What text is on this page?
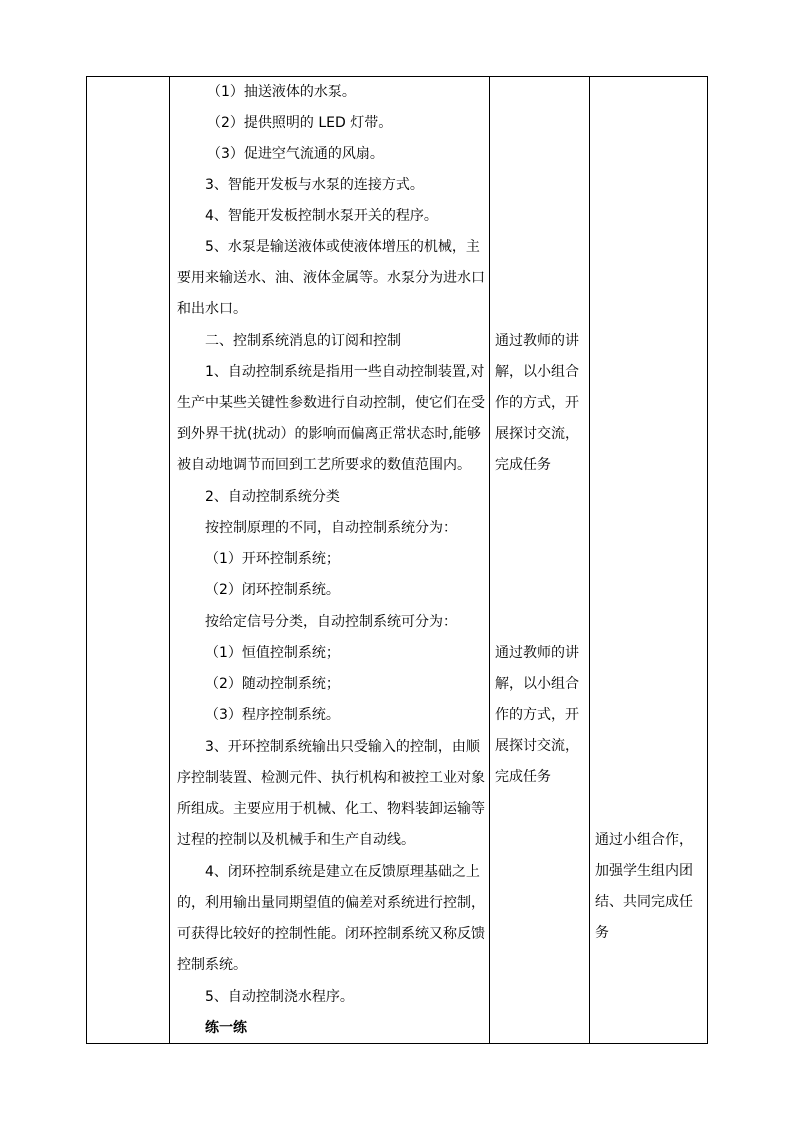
（1）抽送液体的水泵。
（2）提供照明的 LED 灯带。
（3）促进空气流通的风扇。
3、智能开发板与水泵的连接方式。
4、智能开发板控制水泵开关的程序。
5、水泵是输送液体或使液体增压的机械，主
要用来输送水、油、液体金属等。水泵分为进水口
和出水口。
二、控制系统消息的订阅和控制
1、自动控制系统是指用一些自动控制装置,对
生产中某些关键性参数进行自动控制，使它们在受
到外界干扰(扰动）的影响而偏离正常状态时,能够
被自动地调节而回到工艺所要求的数值范围内。
2、自动控制系统分类
按控制原理的不同，自动控制系统分为：
（1）开环控制系统；
（2）闭环控制系统。
按给定信号分类，自动控制系统可分为：
（1）恒值控制系统；
（2）随动控制系统；
（3）程序控制系统。
3、开环控制系统输出只受输入的控制，由顺
序控制装置、检测元件、执行机构和被控工业对象
所组成。主要应用于机械、化工、物料装卸运输等
过程的控制以及机械手和生产自动线。
4、闭环控制系统是建立在反馈原理基础之上
的，利用输出量同期望值的偏差对系统进行控制，
可获得比较好的控制性能。闭环控制系统又称反馈
控制系统。
5、自动控制浇水程序。
练一练
通过教师的讲
解，以小组合
作的方式，开
展探讨交流，
完成任务
通过教师的讲
解，以小组合
作的方式，开
展探讨交流，
完成任务
通过小组合作，
加强学生组内团
结、共同完成任
务
